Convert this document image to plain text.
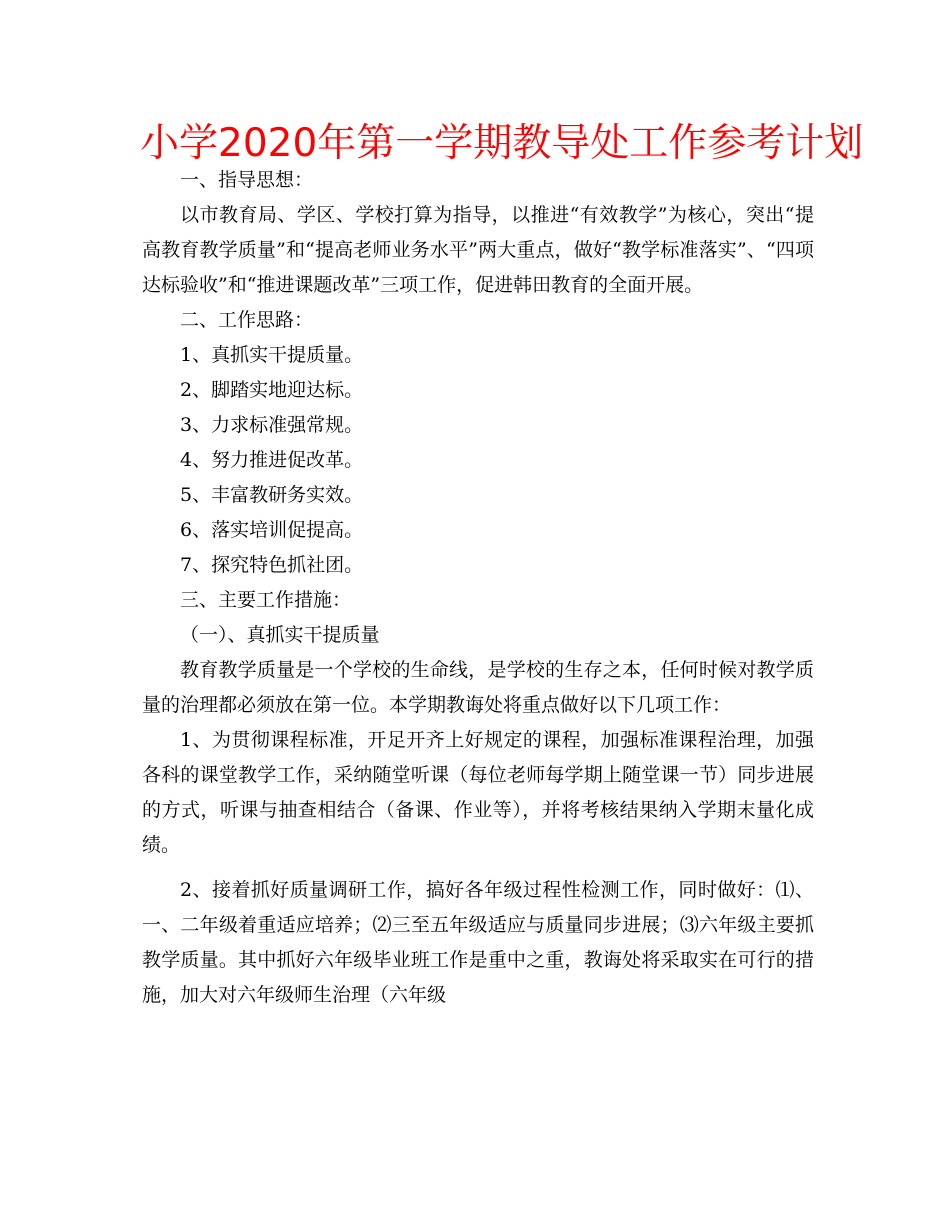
小学2020年第一学期教导处工作参考计划

一、指导思想：

以市教育局、学区、学校打算为指导，以推进“有效教学”为核心，突出“提高教育教学质量”和“提高老师业务水平”两大重点，做好“教学标准落实”、“四项达标验收”和“推进课题改革”三项工作，促进韩田教育的全面开展。

二、工作思路：

1、真抓实干提质量。

2、脚踏实地迎达标。

3、力求标准强常规。

4、努力推进促改革。

5、丰富教研务实效。

6、落实培训促提高。

7、探究特色抓社团。

三、主要工作措施：

（一）、真抓实干提质量

教育教学质量是一个学校的生命线，是学校的生存之本，任何时候对教学质量的治理都必须放在第一位。本学期教诲处将重点做好以下几项工作：

1、为贯彻课程标准，开足开齐上好规定的课程，加强标准课程治理，加强各科的课堂教学工作，采纳随堂听课（每位老师每学期上随堂课一节）同步进展的方式，听课与抽查相结合（备课、作业等），并将考核结果纳入学期末量化成绩。

2、接着抓好质量调研工作，搞好各年级过程性检测工作，同时做好：⑴、一、二年级着重适应培养；⑵三至五年级适应与质量同步进展；⑶六年级主要抓教学质量。其中抓好六年级毕业班工作是重中之重，教诲处将采取实在可行的措施，加大对六年级师生治理（六年级
